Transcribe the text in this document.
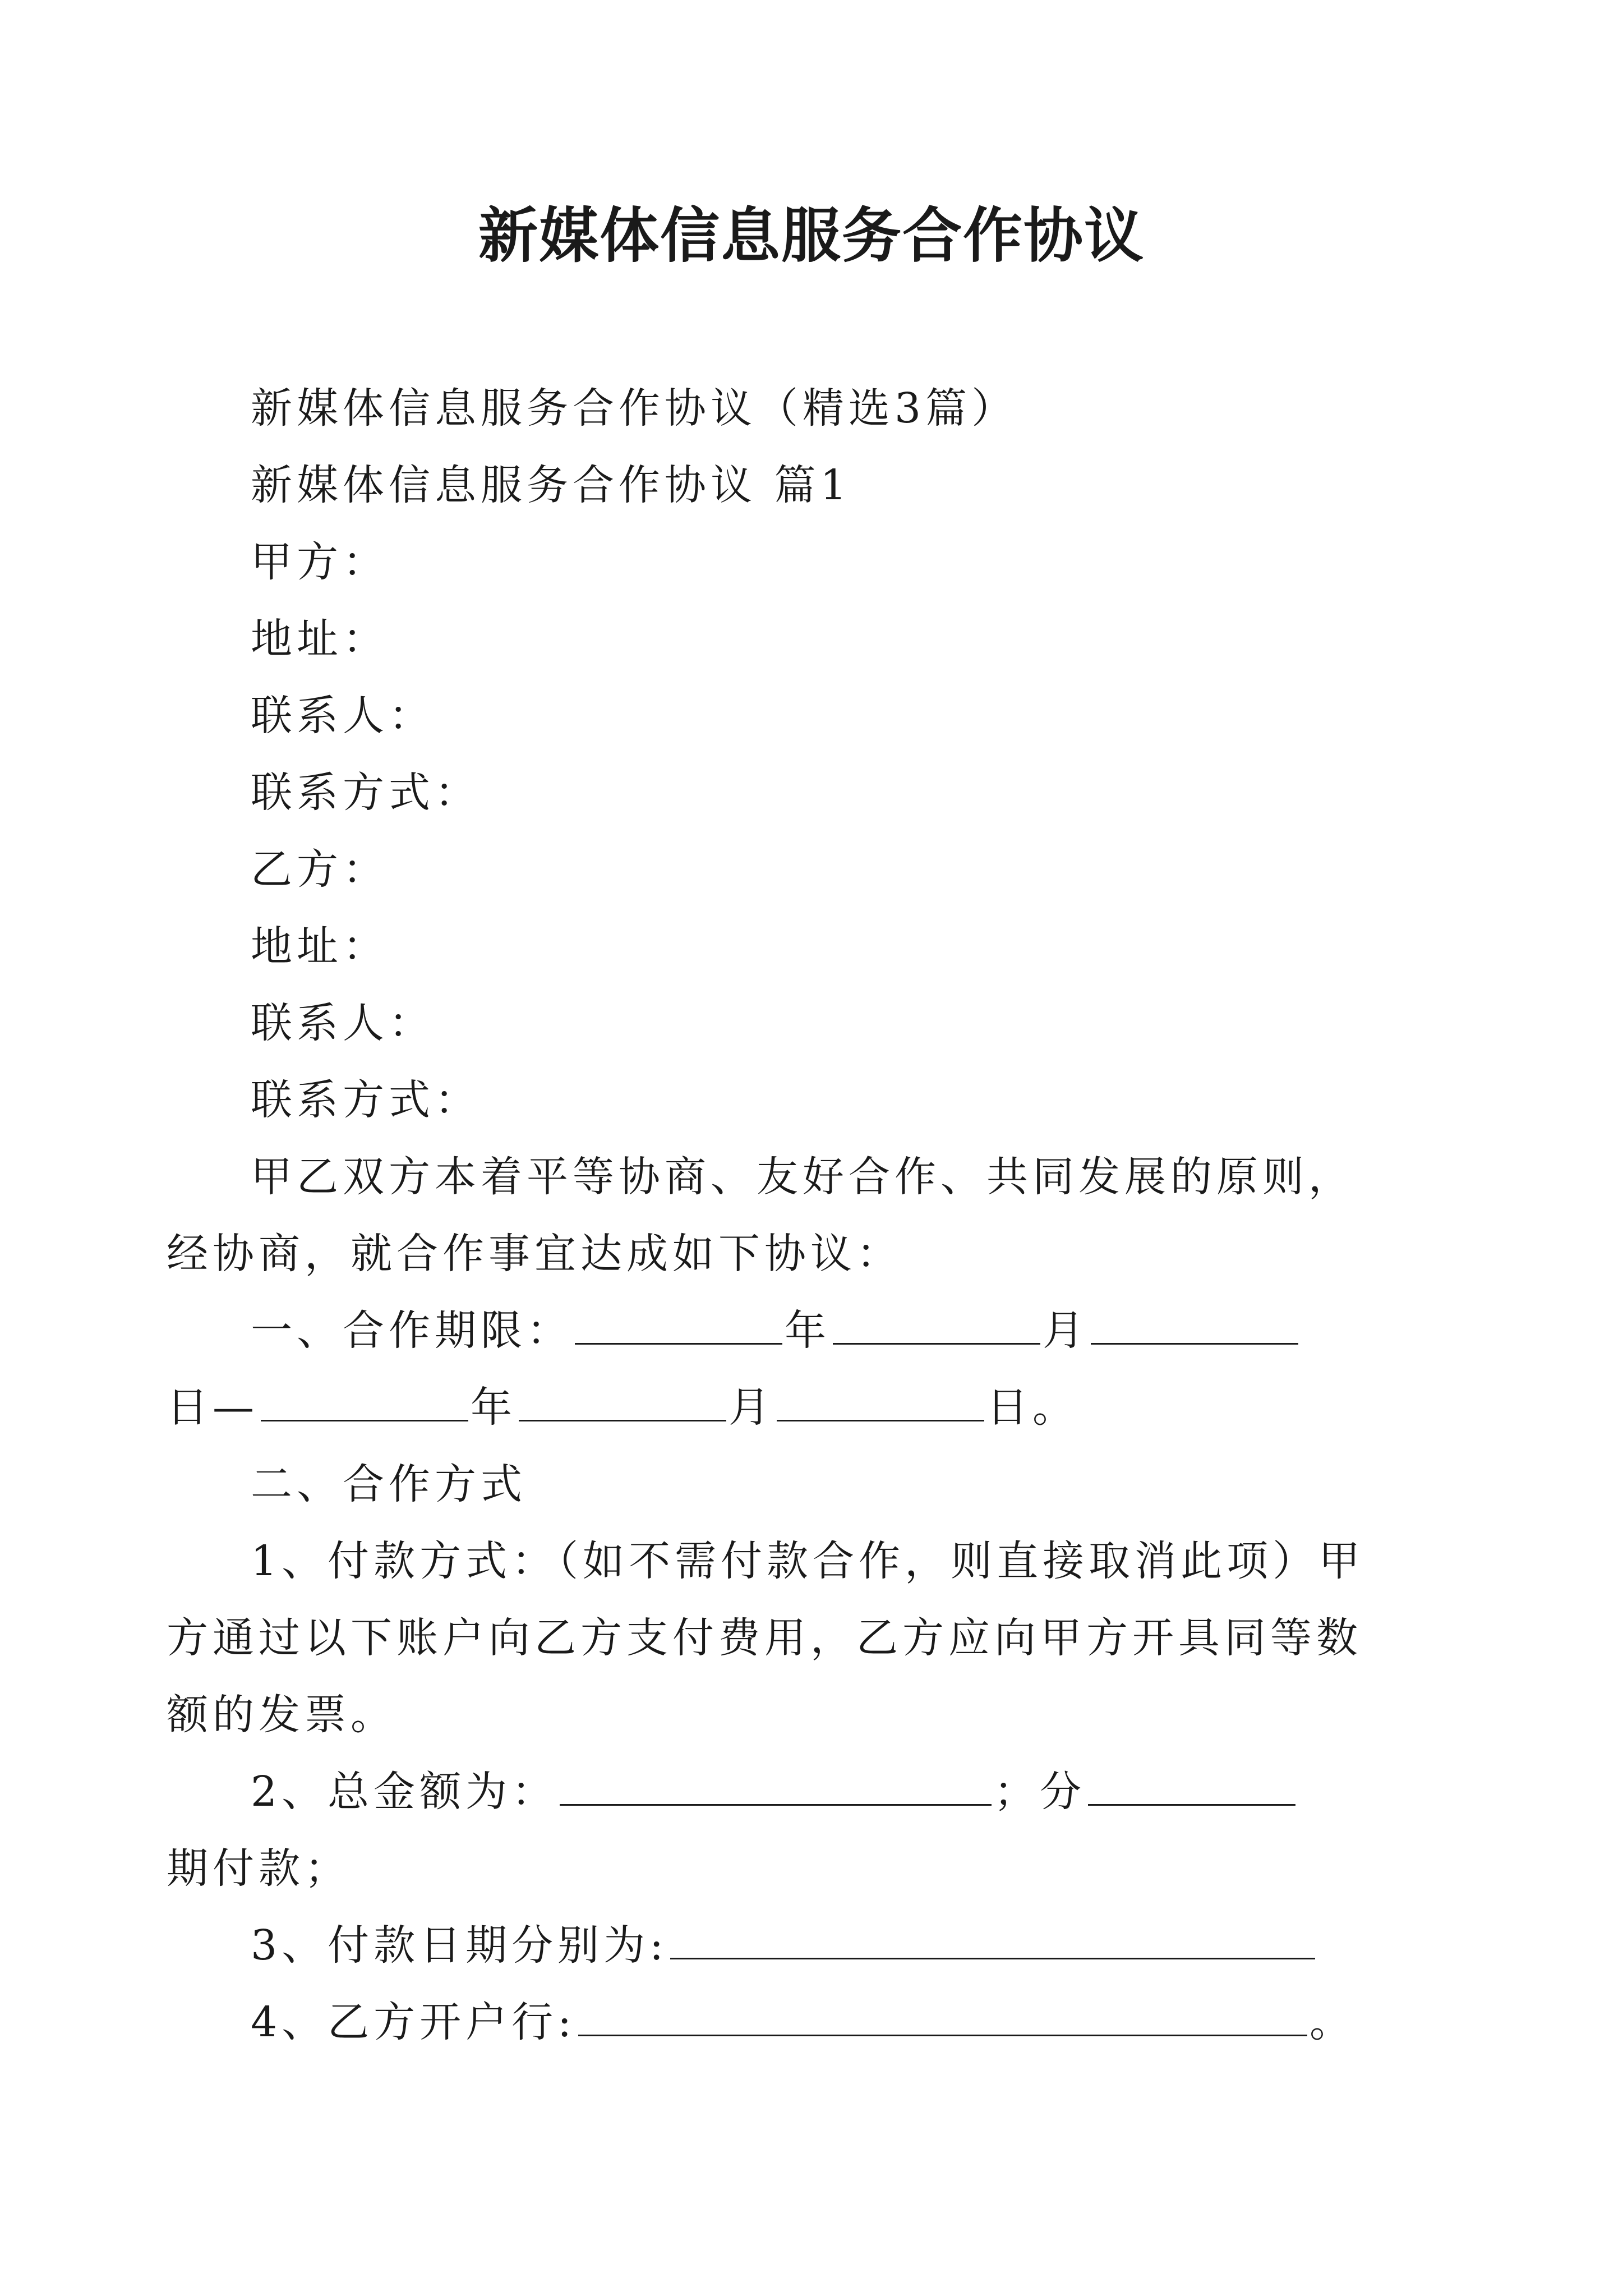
新媒体信息服务合作协议

新媒体信息服务合作协议（精选3篇）

新媒体信息服务合作协议 篇1

甲方：

地址：

联系人：

联系方式：

乙方：

地址：

联系人：

联系方式：

甲乙双方本着平等协商、友好合作、共同发展的原则，

经协商，就合作事宜达成如下协议：

一、合作期限：	年	月

日—	年	月	日。

二、合作方式

1、付款方式：（如不需付款合作，则直接取消此项）甲

方通过以下账户向乙方支付费用，乙方应向甲方开具同等数

额的发票。

2、总金额为：	；分

期付款；

3、付款日期分别为:

4、乙方开户行:	。
